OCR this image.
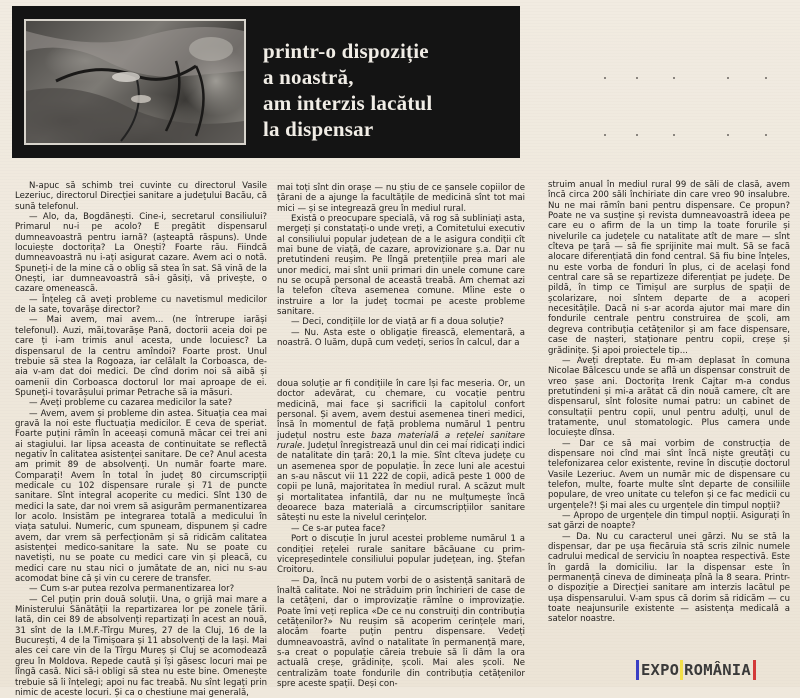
printr-o dispoziție
a noastră,
am interzis lacătul
la dispensar

N-apuc să schimb trei cuvinte cu directorul Vasile Lezeriuc, directorul Direcției sanitare a județului Bacău, că sună telefonul.

— Alo, da, Bogdănești. Cine-i, secretarul consiliului? Primarul nu-i pe acolo? E pregătit dispensarul dumneavoastră pentru iarnă? (așteaptă răspuns). Unde locuiește doctorița? La Onești? Foarte rău. Fiindcă dumneavoastră nu i-ați asigurat cazare. Avem aci o notă. Spuneți-i de la mine că o oblig să stea în sat. Să vină de la Onești, iar dumneavoastră să-i găsiți, vă privește, o cazare omenească.

— Înțeleg că aveți probleme cu navetismul medicilor de la sate, tovarășe director?

— Mai avem, mai avem... (ne întrerupe iarăși telefonul). Auzi, măi,tovarășe Pană, doctorii aceia doi pe care ți i-am trimis anul acesta, unde locuiesc? La dispensarul de la centru amîndoi? Foarte prost. Unul trebuie să stea la Rogoaza, iar celălalt la Corboasca, de-aia v-am dat doi medici. De cînd dorim noi să aibă și oamenii din Corboasca doctorul lor mai aproape de ei. Spuneți-i tovarășului primar Petrache să ia măsuri.

— Aveți probleme cu cazarea medicilor la sate?

— Avem, avem și probleme din astea. Situația cea mai gravă la noi este fluctuația medicilor. E ceva de speriat. Foarte puțini rămîn în aceeași comună măcar cei trei ani ai stagiului. Iar lipsa aceasta de continuitate se reflectă negativ în calitatea asistenței sanitare. De ce? Anul acesta am primit 89 de absolvenți. Un număr foarte mare. Comparați! Avem în total în județ 80 circumscripții medicale cu 102 dispensare rurale și 71 de puncte sanitare. Sînt integral acoperite cu medici. Sînt 130 de medici la sate, dar noi vrem să asigurăm permanentizarea lor acolo. Insistăm pe integrarea totală a medicului în viața satului. Numeric, cum spuneam, dispunem și cadre avem, dar vrem să perfecționăm și să ridicăm calitatea asistenței medico-sanitare la sate. Nu se poate cu navetiști, nu se poate cu medici care vin și pleacă, cu medici care nu stau nici o jumătate de an, nici nu s-au acomodat bine că și vin cu cerere de transfer.

— Cum s-ar putea rezolva permanentizarea lor?

— Cel puțin prin două soluții. Una, o grijă mai mare a Ministerului Sănătății la repartizarea lor pe zonele țării. Iată, din cei 89 de absolvenți repartizați în acest an nouă, 31 sînt de la I.M.F.-Tîrgu Mureș, 27 de la Cluj, 16 de la București, 4 de la Timișoara și 11 absolvenți de la Iași. Mai ales cei care vin de la Tîrgu Mureș și Cluj se acomodează greu în Moldova. Repede caută și își găsesc locuri mai pe lîngă casă. Nici să-i obligi să stea nu este bine. Omenește trebuie să îi înțelegi; apoi nu fac treabă. Nu sînt legați prin nimic de aceste locuri. Și ca o chestiune mai generală,

mai toți sînt din orașe — nu știu de ce șansele copiilor de țărani de a ajunge la facultățile de medicină sînt tot mai mici — și se integrează greu în mediul rural.

Există o preocupare specială, vă rog să subliniați asta, mergeți și constatați-o unde vreți, a Comitetului executiv al consiliului popular județean de a le asigura condiții cît mai bune de viață, de cazare, aprovizionare ș.a. Dar nu pretutindeni reușim. Pe lîngă pretențiile prea mari ale unor medici, mai sînt unii primari din unele comune care nu se ocupă personal de această treabă. Am chemat azi la telefon cîteva asemenea comune. Mîine este o instruire a lor la județ tocmai pe aceste probleme sanitare.

— Deci, condițiile lor de viață ar fi a doua soluție?

— Nu. Asta este o obligație firească, elementară, a noastră. O luăm, după cum vedeți, serios în calcul, dar a

doua soluție ar fi condițiile în care își fac meseria. Or, un doctor adevărat, cu chemare, cu vocație pentru medicină, mai face și sacrificii la capitolul confort personal. Și avem, avem destui asemenea tineri medici, însă în momentul de față problema numărul 1 pentru județul nostru este baza materială a rețelei sanitare rurale. Județul înregistrează unul din cei mai ridicați indici de natalitate din țară: 20,1 la mie. Sînt cîteva județe cu un asemenea spor de populație. În zece luni ale acestui an s-au născut vii 11 222 de copii, adică peste 1 000 de copii pe lună, majoritatea în mediul rural. A scăzut mult și mortalitatea infantilă, dar nu ne mulțumește încă deoarece baza materială a circumscripțiilor sanitare sătești nu este la nivelul cerințelor.

— Ce s-ar putea face?

Port o discuție în jurul acestei probleme numărul 1 a condiției rețelei rurale sanitare băcăuane cu prim-vicepreședintele consiliului popular județean, ing. Ștefan Croitoru.

— Da, încă nu putem vorbi de o asistență sanitară de înaltă calitate. Noi ne străduim prin închirieri de case de la cetățeni, dar o improvizație rămîne o improvizație. Poate îmi veți replica «De ce nu construiți din contribuția cetățenilor?» Nu reușim să acoperim cerințele mari, alocăm foarte puțin pentru dispensare. Vedeți dumneavoastră, avînd o natalitate în permanență mare, s-a creat o populație căreia trebuie să îi dăm la ora actuală creșe, grădinițe, școli. Mai ales școli. Ne centralizăm toate fondurile din contribuția cetățenilor spre aceste spații. Deși con-

struim anual în mediul rural 99 de săli de clasă, avem încă circa 200 săli închiriate din care vreo 90 insalubre. Nu ne mai rămîn bani pentru dispensare. Ce propun? Poate ne va susține și revista dumneavoastră ideea pe care eu o afirm de la un timp la toate forurile și nivelurile ca județele cu natalitate atît de mare — sînt cîteva pe țară — să fie sprijinite mai mult. Să se facă alocare diferențiată din fond central. Să fiu bine înțeles, nu este vorba de fonduri în plus, ci de același fond central care să se repartizeze diferențiat pe județe. De pildă, în timp ce Timișul are surplus de spații de școlarizare, noi sîntem departe de a acoperi necesitățile. Dacă ni s-ar acorda ajutor mai mare din fondurile centrale pentru construirea de școli, am degreva contribuția cetățenilor și am face dispensare, case de nașteri, staționare pentru copii, creșe și grădinițe. Și apoi proiectele tip...

— Aveți dreptate. Eu m-am deplasat în comuna Nicolae Bălcescu unde se află un dispensar construit de vreo șase ani. Doctorița Irenk Cajtar m-a condus pretutindeni și mi-a arătat că din nouă camere, cît are dispensarul, sînt folosite numai patru: un cabinet de consultații pentru copii, unul pentru adulți, unul de tratamente, unul stomatologic. Plus camera unde locuiește dînsa.

— Dar ce să mai vorbim de construcția de dispensare noi cînd mai sînt încă niște greutăți cu telefonizarea celor existente, revine în discuție doctorul Vasile Lezeriuc. Avem un număr mic de dispensare cu telefon, multe, foarte multe sînt departe de consiliile populare, de vreo unitate cu telefon și ce fac medicii cu urgențele?! Și mai ales cu urgențele din timpul nopții?

— Apropo de urgențele din timpul nopții. Asigurați în sat gărzi de noapte?

— Da. Nu cu caracterul unei gărzi. Nu se stă la dispensar, dar pe ușa fiecăruia stă scris zilnic numele cadrului medical de serviciu în noaptea respectivă. Este în gardă la domiciliu. Iar la dispensar este în permanență cineva de dimineața pînă la 8 seara. Printr-o dispoziție a Direcției sanitare am interzis lacătul pe ușa dispensarului. V-am spus că dorim să ridicăm — cu toate neajunsurile existente — asistența medicală a satelor noastre.

EXPO ROMÂNIA
